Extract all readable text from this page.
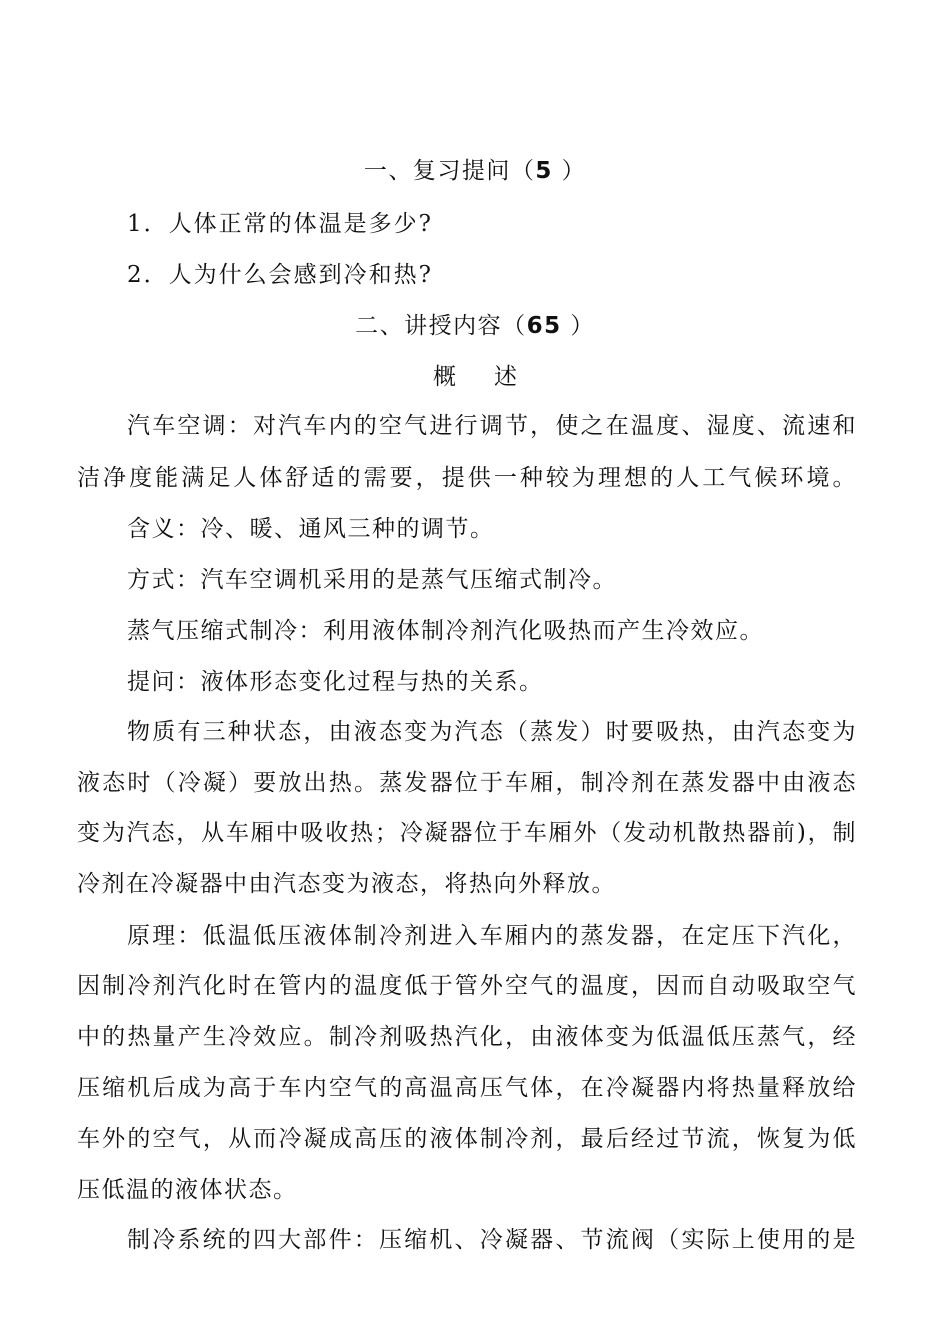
一、复习提问（5 ）
1．人体正常的体温是多少?
2．人为什么会感到冷和热?
二、讲授内容（65 ）
概述
汽车空调：对汽车内的空气进行调节，使之在温度、湿度、流速和
洁净度能满足人体舒适的需要，提供一种较为理想的人工气候环境。
含义：冷、暖、通风三种的调节。
方式：汽车空调机采用的是蒸气压缩式制冷。
蒸气压缩式制冷：利用液体制冷剂汽化吸热而产生冷效应。
提问：液体形态变化过程与热的关系。
物质有三种状态，由液态变为汽态（蒸发）时要吸热，由汽态变为
液态时（冷凝）要放出热。蒸发器位于车厢，制冷剂在蒸发器中由液态
变为汽态，从车厢中吸收热；冷凝器位于车厢外（发动机散热器前)，制
冷剂在冷凝器中由汽态变为液态，将热向外释放。
原理：低温低压液体制冷剂进入车厢内的蒸发器，在定压下汽化，
因制冷剂汽化时在管内的温度低于管外空气的温度，因而自动吸取空气
中的热量产生冷效应。制冷剂吸热汽化，由液体变为低温低压蒸气，经
压缩机后成为高于车内空气的高温高压气体，在冷凝器内将热量释放给
车外的空气，从而冷凝成高压的液体制冷剂，最后经过节流，恢复为低
压低温的液体状态。
制冷系统的四大部件：压缩机、冷凝器、节流阀（实际上使用的是
